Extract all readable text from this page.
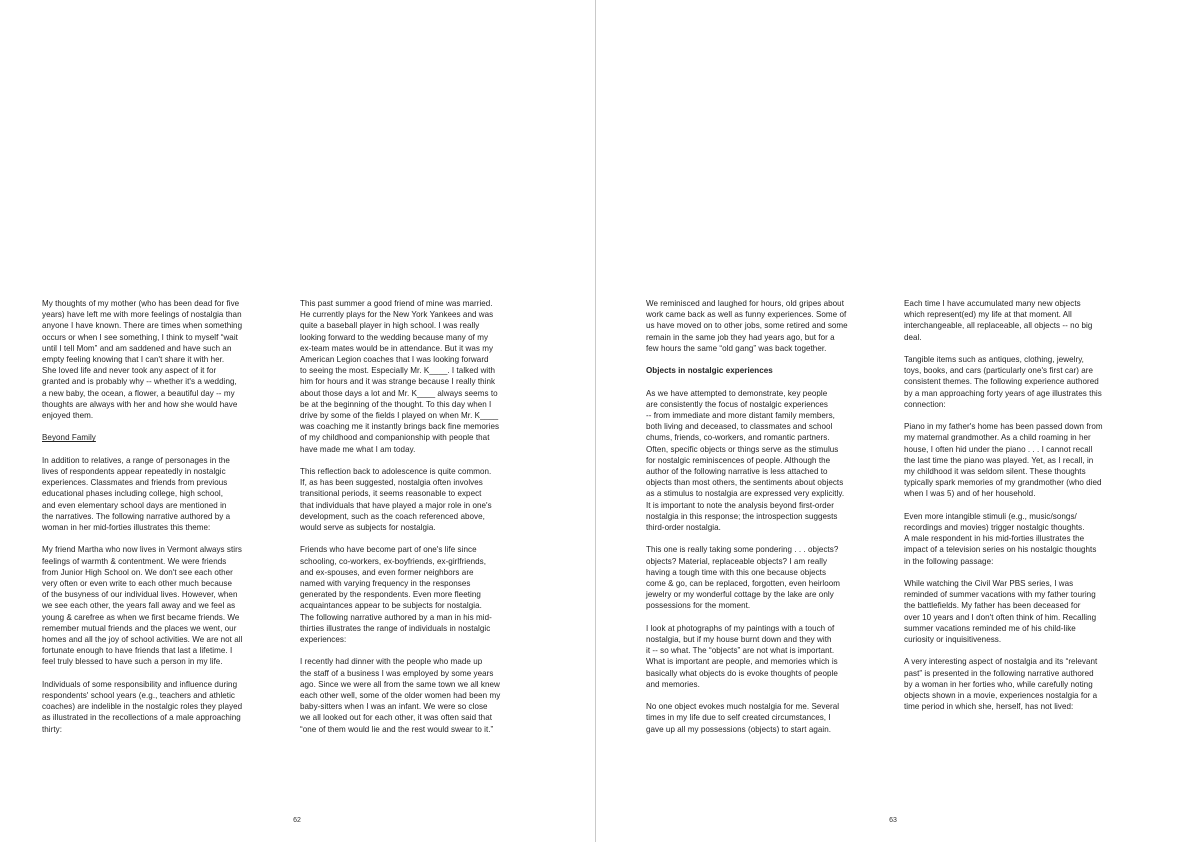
My thoughts of my mother (who has been dead for five
years) have left me with more feelings of nostalgia than
anyone I have known. There are times when something
occurs or when I see something, I think to myself “wait
until I tell Mom” and am saddened and have such an
empty feeling knowing that I can't share it with her.
She loved life and never took any aspect of it for
granted and is probably why -- whether it's a wedding,
a new baby, the ocean, a flower, a beautiful day -- my
thoughts are always with her and how she would have
enjoyed them.

Beyond Family

In addition to relatives, a range of personages in the
lives of respondents appear repeatedly in nostalgic
experiences. Classmates and friends from previous
educational phases including college, high school,
and even elementary school days are mentioned in
the narratives. The following narrative authored by a
woman in her mid-forties illustrates this theme:

My friend Martha who now lives in Vermont always stirs
feelings of warmth & contentment. We were friends
from Junior High School on. We don't see each other
very often or even write to each other much because
of the busyness of our individual lives. However, when
we see each other, the years fall away and we feel as
young & carefree as when we first became friends. We
remember mutual friends and the places we went, our
homes and all the joy of school activities. We are not all
fortunate enough to have friends that last a lifetime. I
feel truly blessed to have such a person in my life.

Individuals of some responsibility and influence during
respondents' school years (e.g., teachers and athletic
coaches) are indelible in the nostalgic roles they played
as illustrated in the recollections of a male approaching
thirty:

This past summer a good friend of mine was married.
He currently plays for the New York Yankees and was
quite a baseball player in high school. I was really
looking forward to the wedding because many of my
ex-team mates would be in attendance. But it was my
American Legion coaches that I was looking forward
to seeing the most. Especially Mr. K____. I talked with
him for hours and it was strange because I really think
about those days a lot and Mr. K____ always seems to
be at the beginning of the thought. To this day when I
drive by some of the fields I played on when Mr. K____
was coaching me it instantly brings back fine memories
of my childhood and companionship with people that
have made me what I am today.

This reflection back to adolescence is quite common.
If, as has been suggested, nostalgia often involves
transitional periods, it seems reasonable to expect
that individuals that have played a major role in one's
development, such as the coach referenced above,
would serve as subjects for nostalgia.

Friends who have become part of one's life since
schooling, co-workers, ex-boyfriends, ex-girlfriends,
and ex-spouses, and even former neighbors are
named with varying frequency in the responses
generated by the respondents. Even more fleeting
acquaintances appear to be subjects for nostalgia.
The following narrative authored by a man in his mid-
thirties illustrates the range of individuals in nostalgic
experiences:

I recently had dinner with the people who made up
the staff of a business I was employed by some years
ago. Since we were all from the same town we all knew
each other well, some of the older women had been my
baby-sitters when I was an infant. We were so close
we all looked out for each other, it was often said that
“one of them would lie and the rest would swear to it.”

62

We reminisced and laughed for hours, old gripes about
work came back as well as funny experiences. Some of
us have moved on to other jobs, some retired and some
remain in the same job they had years ago, but for a
few hours the same “old gang” was back together.

Objects in nostalgic experiences

As we have attempted to demonstrate, key people
are consistently the focus of nostalgic experiences
-- from immediate and more distant family members,
both living and deceased, to classmates and school
chums, friends, co-workers, and romantic partners.
Often, specific objects or things serve as the stimulus
for nostalgic reminiscences of people. Although the
author of the following narrative is less attached to
objects than most others, the sentiments about objects
as a stimulus to nostalgia are expressed very explicitly.
It is important to note the analysis beyond first-order
nostalgia in this response; the introspection suggests
third-order nostalgia.

This one is really taking some pondering . . . objects?
objects? Material, replaceable objects? I am really
having a tough time with this one because objects
come & go, can be replaced, forgotten, even heirloom
jewelry or my wonderful cottage by the lake are only
possessions for the moment.

I look at photographs of my paintings with a touch of
nostalgia, but if my house burnt down and they with
it -- so what. The “objects” are not what is important.
What is important are people, and memories which is
basically what objects do is evoke thoughts of people
and memories.

No one object evokes much nostalgia for me. Several
times in my life due to self created circumstances, I
gave up all my possessions (objects) to start again.

Each time I have accumulated many new objects
which represent(ed) my life at that moment. All
interchangeable, all replaceable, all objects -- no big
deal.

Tangible items such as antiques, clothing, jewelry,
toys, books, and cars (particularly one's first car) are
consistent themes. The following experience authored
by a man approaching forty years of age illustrates this
connection:

Piano in my father's home has been passed down from
my maternal grandmother. As a child roaming in her
house, I often hid under the piano . . . I cannot recall
the last time the piano was played. Yet, as I recall, in
my childhood it was seldom silent. These thoughts
typically spark memories of my grandmother (who died
when I was 5) and of her household.

Even more intangible stimuli (e.g., music/songs/
recordings and movies) trigger nostalgic thoughts.
A male respondent in his mid-forties illustrates the
impact of a television series on his nostalgic thoughts
in the following passage:

While watching the Civil War PBS series, I was
reminded of summer vacations with my father touring
the battlefields. My father has been deceased for
over 10 years and I don't often think of him. Recalling
summer vacations reminded me of his child-like
curiosity or inquisitiveness.

A very interesting aspect of nostalgia and its “relevant
past” is presented in the following narrative authored
by a woman in her forties who, while carefully noting
objects shown in a movie, experiences nostalgia for a
time period in which she, herself, has not lived:

63
